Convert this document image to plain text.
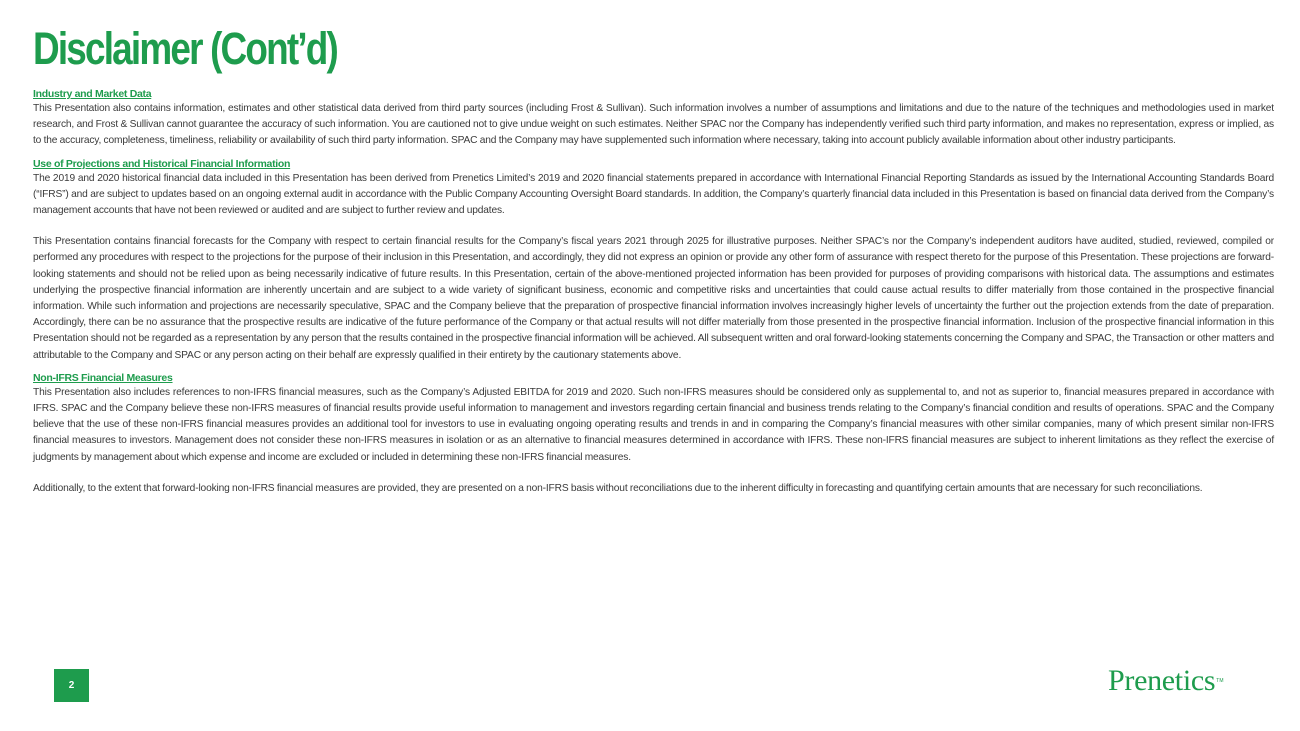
Disclaimer (Cont’d)

Industry and Market Data

This Presentation also contains information, estimates and other statistical data derived from third party sources (including Frost & Sullivan). Such information involves a number of assumptions and limitations and due to the nature of the techniques and methodologies used in market research, and Frost & Sullivan cannot guarantee the accuracy of such information. You are cautioned not to give undue weight on such estimates. Neither SPAC nor the Company has independently verified such third party information, and makes no representation, express or implied, as to the accuracy, completeness, timeliness, reliability or availability of such third party information. SPAC and the Company may have supplemented such information where necessary, taking into account publicly available information about other industry participants.

Use of Projections and Historical Financial Information

The 2019 and 2020 historical financial data included in this Presentation has been derived from Prenetics Limited’s 2019 and 2020 financial statements prepared in accordance with International Financial Reporting Standards as issued by the International Accounting Standards Board (“IFRS”) and are subject to updates based on an ongoing external audit in accordance with the Public Company Accounting Oversight Board standards. In addition, the Company’s quarterly financial data included in this Presentation is based on financial data derived from the Company’s management accounts that have not been reviewed or audited and are subject to further review and updates.

This Presentation contains financial forecasts for the Company with respect to certain financial results for the Company’s fiscal years 2021 through 2025 for illustrative purposes. Neither SPAC’s nor the Company’s independent auditors have audited, studied, reviewed, compiled or performed any procedures with respect to the projections for the purpose of their inclusion in this Presentation, and accordingly, they did not express an opinion or provide any other form of assurance with respect thereto for the purpose of this Presentation. These projections are forward-looking statements and should not be relied upon as being necessarily indicative of future results. In this Presentation, certain of the above-mentioned projected information has been provided for purposes of providing comparisons with historical data. The assumptions and estimates underlying the prospective financial information are inherently uncertain and are subject to a wide variety of significant business, economic and competitive risks and uncertainties that could cause actual results to differ materially from those contained in the prospective financial information. While such information and projections are necessarily speculative, SPAC and the Company believe that the preparation of prospective financial information involves increasingly higher levels of uncertainty the further out the projection extends from the date of preparation. Accordingly, there can be no assurance that the prospective results are indicative of the future performance of the Company or that actual results will not differ materially from those presented in the prospective financial information. Inclusion of the prospective financial information in this Presentation should not be regarded as a representation by any person that the results contained in the prospective financial information will be achieved. All subsequent written and oral forward-looking statements concerning the Company and SPAC, the Transaction or other matters and attributable to the Company and SPAC or any person acting on their behalf are expressly qualified in their entirety by the cautionary statements above.

Non-IFRS Financial Measures

This Presentation also includes references to non-IFRS financial measures, such as the Company’s Adjusted EBITDA for 2019 and 2020. Such non-IFRS measures should be considered only as supplemental to, and not as superior to, financial measures prepared in accordance with IFRS. SPAC and the Company believe these non-IFRS measures of financial results provide useful information to management and investors regarding certain financial and business trends relating to the Company’s financial condition and results of operations. SPAC and the Company believe that the use of these non-IFRS financial measures provides an additional tool for investors to use in evaluating ongoing operating results and trends in and in comparing the Company’s financial measures with other similar companies, many of which present similar non-IFRS financial measures to investors. Management does not consider these non-IFRS measures in isolation or as an alternative to financial measures determined in accordance with IFRS. These non-IFRS financial measures are subject to inherent limitations as they reflect the exercise of judgments by management about which expense and income are excluded or included in determining these non-IFRS financial measures.

Additionally, to the extent that forward-looking non-IFRS financial measures are provided, they are presented on a non-IFRS basis without reconciliations due to the inherent difficulty in forecasting and quantifying certain amounts that are necessary for such reconciliations.

2	Prenetics TM
